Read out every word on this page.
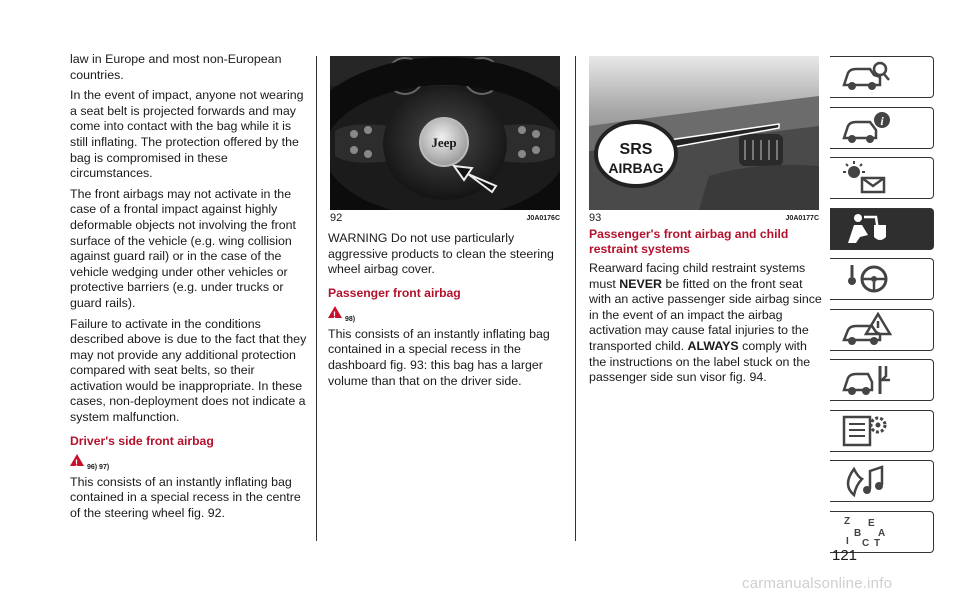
law in Europe and most non-European countries.

In the event of impact, anyone not wearing a seat belt is projected forwards and may come into contact with the bag while it is still inflating. The protection offered by the bag is compromised in these circumstances.

The front airbags may not activate in the case of a frontal impact against highly deformable objects not involving the front surface of the vehicle (e.g. wing collision against guard rail) or in the case of the vehicle wedging under other vehicles or protective barriers (e.g. under trucks or guard rails).

Failure to activate in the conditions described above is due to the fact that they may not provide any additional protection compared with seat belts, so their activation would be inappropriate. In these cases, non-deployment does not indicate a system malfunction.

Driver's side front airbag
!
96) 97)

This consists of an instantly inflating bag contained in a special recess in the centre of the steering wheel fig. 92.

Jeep
92	J0A0176C

WARNING Do not use particularly aggressive products to clean the steering wheel airbag cover.

Passenger front airbag
!
98)

This consists of an instantly inflating bag contained in a special recess in the dashboard fig. 93: this bag has a larger volume than that on the driver side.

SRS
AIRBAG
93	J0A0177C
Passenger's front airbag and child restraint systems

Rearward facing child restraint systems must NEVER be fitted on the front seat with an active passenger side airbag since in the event of an impact the airbag activation may cause fatal injuries to the transported child. ALWAYS comply with the instructions on the label stuck on the passenger side sun visor fig. 94.

i
Z
B
E
A
C
I	T
121
carmanualsonline.info
